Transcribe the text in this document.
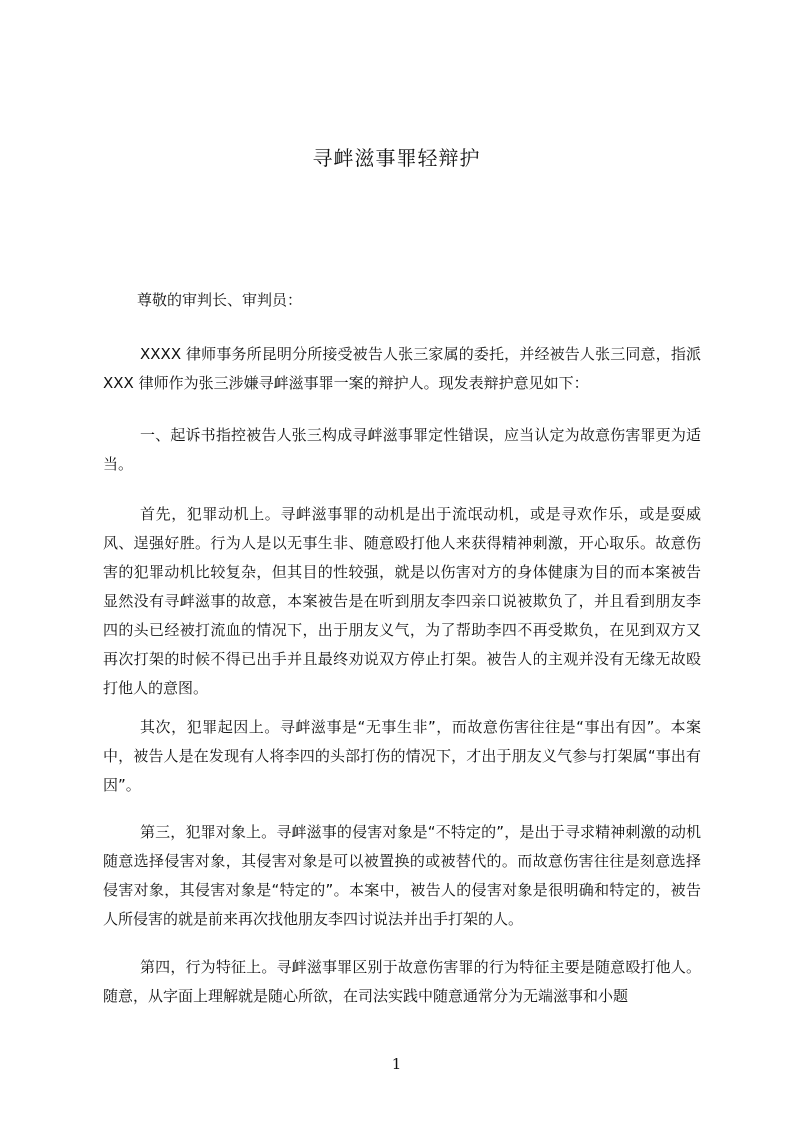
寻衅滋事罪轻辩护
尊敬的审判长、审判员：

XXXX 律师事务所昆明分所接受被告人张三家属的委托，并经被告人张三同意，指派 XXX 律师作为张三涉嫌寻衅滋事罪一案的辩护人。现发表辩护意见如下：

一、起诉书指控被告人张三构成寻衅滋事罪定性错误，应当认定为故意伤害罪更为适当。

首先，犯罪动机上。寻衅滋事罪的动机是出于流氓动机，或是寻欢作乐，或是耍威风、逞强好胜。行为人是以无事生非、随意殴打他人来获得精神刺激，开心取乐。故意伤害的犯罪动机比较复杂，但其目的性较强，就是以伤害对方的身体健康为目的而本案被告显然没有寻衅滋事的故意，本案被告是在听到朋友李四亲口说被欺负了，并且看到朋友李四的头已经被打流血的情况下，出于朋友义气，为了帮助李四不再受欺负，在见到双方又再次打架的时候不得已出手并且最终劝说双方停止打架。被告人的主观并没有无缘无故殴打他人的意图。

其次，犯罪起因上。寻衅滋事是“无事生非”，而故意伤害往往是“事出有因”。本案中，被告人是在发现有人将李四的头部打伤的情况下，才出于朋友义气参与打架属“事出有因”。

第三，犯罪对象上。寻衅滋事的侵害对象是“不特定的”，是出于寻求精神刺激的动机随意选择侵害对象，其侵害对象是可以被置换的或被替代的。而故意伤害往往是刻意选择侵害对象，其侵害对象是“特定的”。本案中，被告人的侵害对象是很明确和特定的，被告人所侵害的就是前来再次找他朋友李四讨说法并出手打架的人。

第四，行为特征上。寻衅滋事罪区别于故意伤害罪的行为特征主要是随意殴打他人。随意，从字面上理解就是随心所欲，在司法实践中随意通常分为无端滋事和小题

1
